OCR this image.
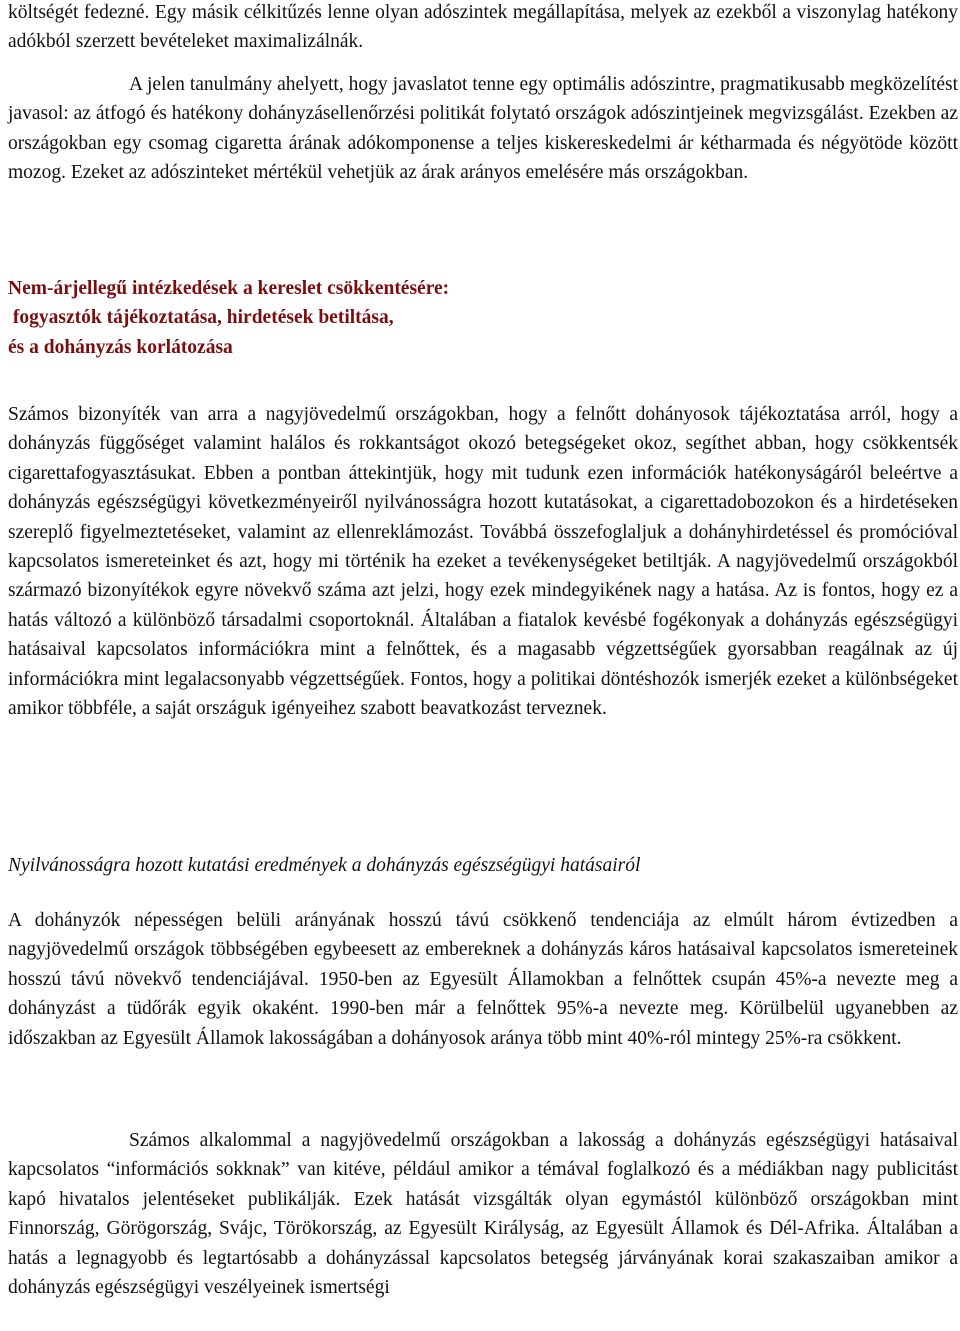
költségét fedezné. Egy másik célkitűzés lenne olyan adószintek megállapítása, melyek az ezekből a viszonylag hatékony adókból szerzett bevételeket maximalizálnák.

A jelen tanulmány ahelyett, hogy javaslatot tenne egy optimális adószintre, pragmatikusabb megközelítést javasol: az átfogó és hatékony dohányzásellenőrzési politikát folytató országok adószintjeinek megvizsgálást. Ezekben az országokban egy csomag cigaretta árának adókomponense a teljes kiskereskedelmi ár kétharmada és négyötöde között mozog. Ezeket az adószinteket mértékül vehetjük az árak arányos emelésére más országokban.

Nem-árjellegű intézkedések a kereslet csökkentésére:

fogyasztók tájékoztatása, hirdetések betiltása,

és a dohányzás korlátozása

Számos bizonyíték van arra a nagyjövedelmű országokban, hogy a felnőtt dohányosok tájékoztatása arról, hogy a dohányzás függőséget valamint halálos és rokkantságot okozó betegségeket okoz, segíthet abban, hogy csökkentsék cigarettafogyasztásukat. Ebben a pontban áttekintjük, hogy mit tudunk ezen információk hatékonyságáról beleértve a dohányzás egészségügyi következményeiről nyilvánosságra hozott kutatásokat, a cigarettadobozokon és a hirdetéseken szereplő figyelmeztetéseket, valamint az ellenreklámozást. Továbbá összefoglaljuk a dohányhirdetéssel és promócióval kapcsolatos ismereteinket és azt, hogy mi történik ha ezeket a tevékenységeket betiltják. A nagyjövedelmű országokból származó bizonyítékok egyre növekvő száma azt jelzi, hogy ezek mindegyikének nagy a hatása. Az is fontos, hogy ez a hatás változó a különböző társadalmi csoportoknál. Általában a fiatalok kevésbé fogékonyak a dohányzás egészségügyi hatásaival kapcsolatos információkra mint a felnőttek, és a magasabb végzettségűek gyorsabban reagálnak az új információkra mint legalacsonyabb végzettségűek. Fontos, hogy a politikai döntéshozók ismerjék ezeket a különbségeket amikor többféle, a saját országuk igényeihez szabott beavatkozást terveznek.

Nyilvánosságra hozott kutatási eredmények a dohányzás egészségügyi hatásairól

A dohányzók népességen belüli arányának hosszú távú csökkenő tendenciája az elmúlt három évtizedben a nagyjövedelmű országok többségében egybeesett az embereknek a dohányzás káros hatásaival kapcsolatos ismereteinek hosszú távú növekvő tendenciájával. 1950-ben az Egyesült Államokban a felnőttek csupán 45%-a nevezte meg a dohányzást a tüdőrák egyik okaként. 1990-ben már a felnőttek 95%-a nevezte meg. Körülbelül ugyanebben az időszakban az Egyesült Államok lakosságában a dohányosok aránya több mint 40%-ról mintegy 25%-ra csökkent.

Számos alkalommal a nagyjövedelmű országokban a lakosság a dohányzás egészségügyi hatásaival kapcsolatos “információs sokknak” van kitéve, például amikor a témával foglalkozó és a médiákban nagy publicitást kapó hivatalos jelentéseket publikálják. Ezek hatását vizsgálták olyan egymástól különböző országokban mint Finnország, Görögország, Svájc, Törökország, az Egyesült Királyság, az Egyesült Államok és Dél-Afrika. Általában a hatás a legnagyobb és legtartósabb a dohányzással kapcsolatos betegség járványának korai szakaszaiban amikor a dohányzás egészségügyi veszélyeinek ismertségi
